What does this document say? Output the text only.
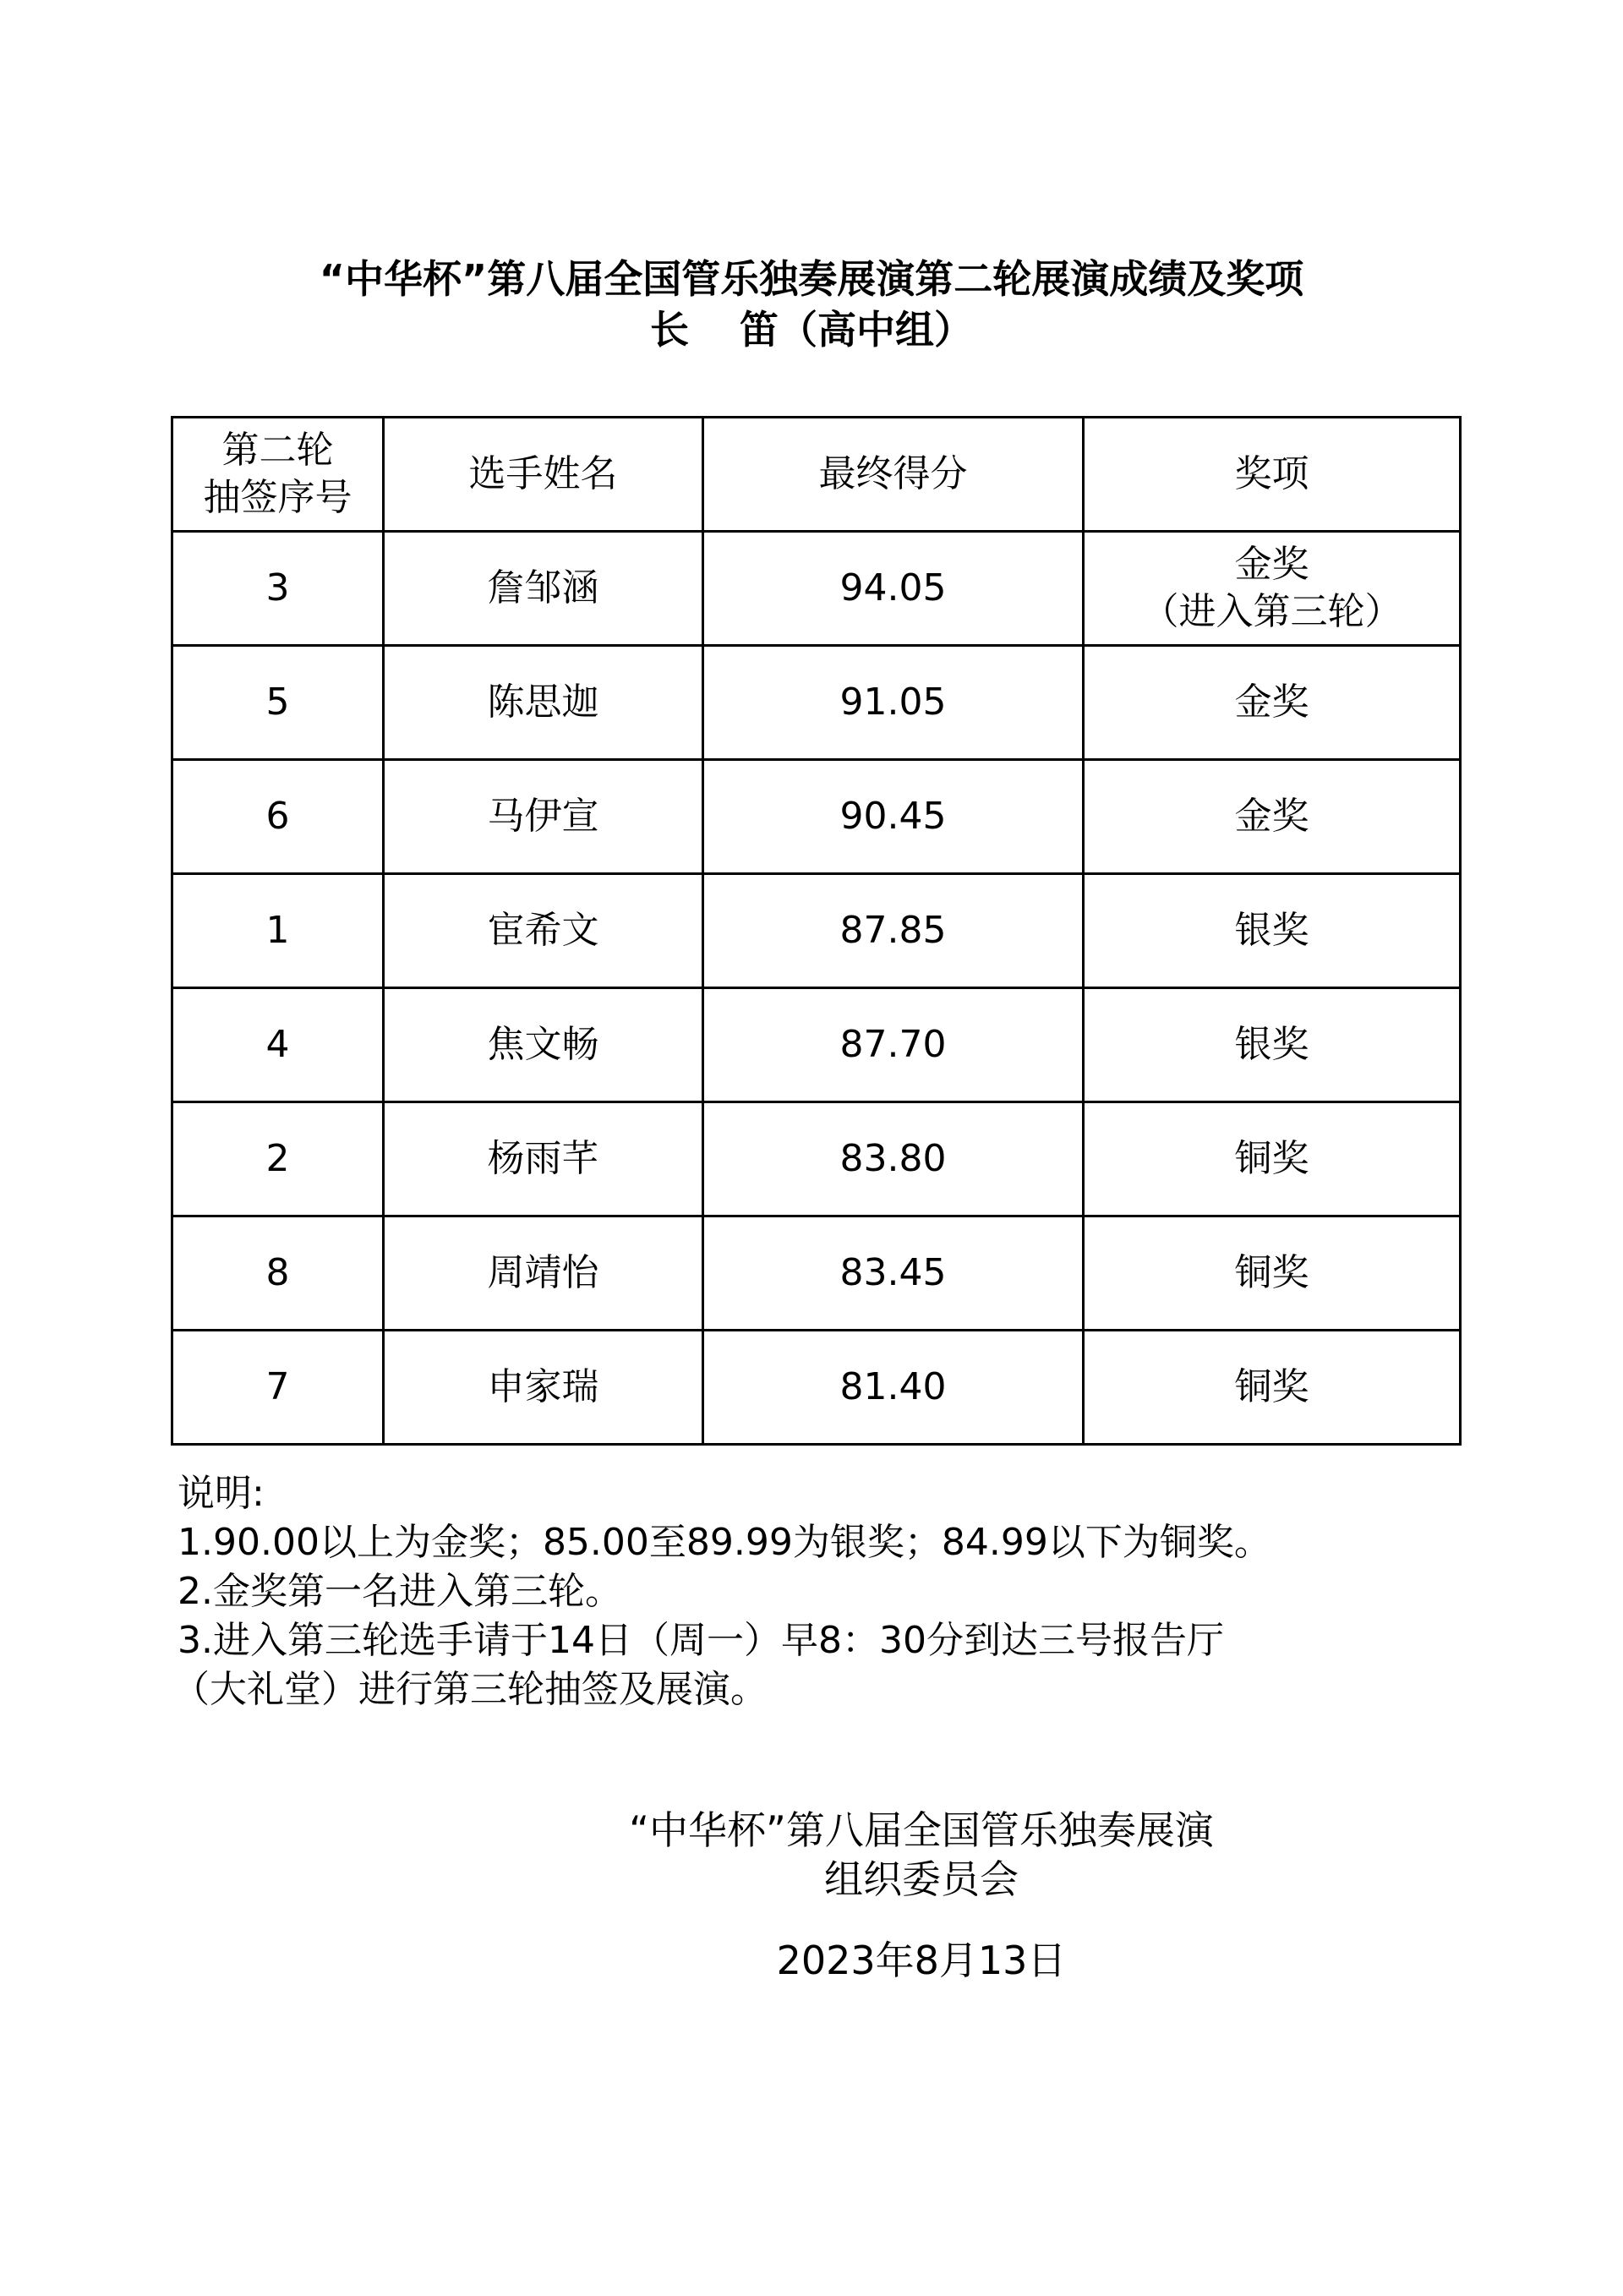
“中华杯”第八届全国管乐独奏展演第二轮展演成绩及奖项
长 笛（高中组）
第二轮
抽签序号	选手姓名	最终得分	奖项
3	詹邹涵	94.05	金奖
（进入第三轮）

5	陈思迦	91.05	金奖
6	马伊宣	90.45	金奖
1	宦希文	87.85	银奖
4	焦文畅	87.70	银奖
2	杨雨芊	83.80	铜奖
8	周靖怡	83.45	铜奖
7	申家瑞	81.40	铜奖
说明:
1.90.00以上为金奖；85.00至89.99为银奖；84.99以下为铜奖。
2.金奖第一名进入第三轮。
3.进入第三轮选手请于14日（周一）早8：30分到达三号报告厅
（大礼堂）进行第三轮抽签及展演。
“中华杯”第八届全国管乐独奏展演
组织委员会
2023年8月13日
